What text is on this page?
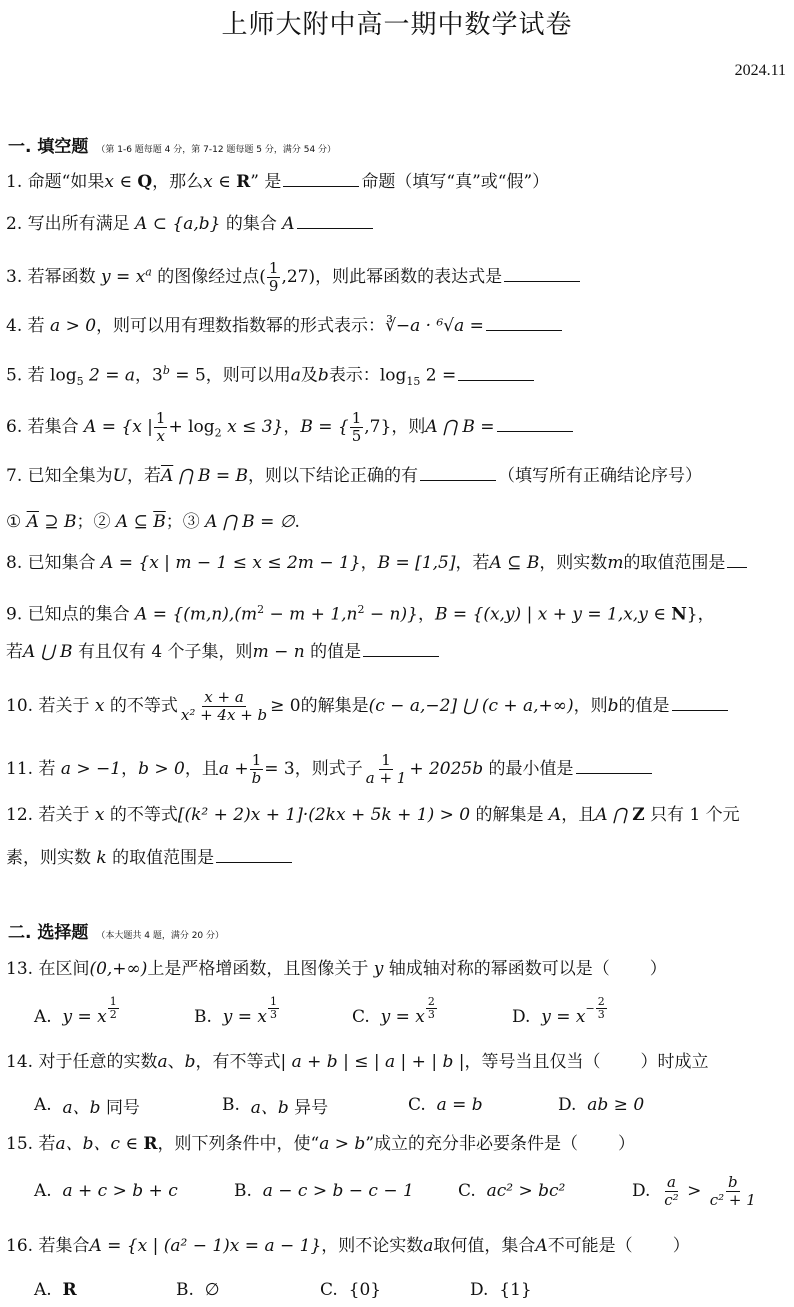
上师大附中高一期中数学试卷
2024.11
一. 填空题 （第 1-6 题每题 4 分，第 7-12 题每题 5 分，满分 54 分）
1. 命题“如果x ∈ Q，那么x ∈ R” 是	命题（填写“真”或“假”）
2. 写出所有满足 A ⊂ {a,b} 的集合 A
3. 若幂函数 $y = x^a$ 的图像经过点( $\frac{1}{9} ,27$)，则此幂函数的表达式是
4. 若 a > 0，则可以用有理数指数幂的形式表示：∛−a · ⁶√a =
5. 若 $\log_5 2 = a$，$3^b = 5$，则可以用a及b表示：$\log_{15} 2$ =
6. 若集合 A = {x | $\frac{1}{x} + \log_2 x \le 3$}，B = { $\frac{1}{5} ,7$}，则A ⋂ B =
7. 已知全集为U，若$\overline{A}$ ⋂ B = B，则以下结论正确的有	（填写所有正确结论序号）
① $\overline{A}$ ⊇ B；② A ⊆ $\overline{B}$；③ A ⋂ B = ∅.
8. 已知集合 A = {x | m − 1 ≤ x ≤ 2m − 1}，B = [1,5]，若A ⊆ B，则实数m的取值范围是
9. 已知点的集合 $A = \{(m,n),(m^2 - m + 1,n^2 - n)\}$，B = {(x,y) | x + y = 1,x,y ∈ N}，
若A ⋃ B 有且仅有 4 个子集，则m − n 的值是
10. 若关于 x 的不等式 $\frac{x + a}{\text{x² + 4x + b}} \ge 0$的解集是(c − a,−2] ⋃ (c + a,+∞)，则b的值是
11. 若 a > −1，b > 0，且$a + \frac{1}{b} = 3$，则式子 $\frac{1}{a + 1} + 2025b$ 的最小值是
12. 若关于 x 的不等式[(k² + 2)x + 1]·(2kx + 5k + 1) > 0 的解集是 A，且A ⋂ Z 只有 1 个元
素，则实数 k 的取值范围是
二. 选择题 （本大题共 4 题，满分 20 分）
13. 在区间(0,+∞)上是严格增函数，且图像关于 y 轴成轴对称的幂函数可以是（ ）
A.
y = x $\frac{1}{2}$	B.
y = x $\frac{1}{3}$	C.
y = x $\frac{2}{3}$	D.
$y = x - \frac{2}{3}$
14. 对于任意的实数a、b，有不等式| a + b | ≤ | a | + | b |，等号当且仅当（ ）时成立
A.
a、b
同号	B.
a、b
异号	C.
a = b	D.
ab ≥ 0
15. 若a、b、c ∈ R，则下列条件中，使“a > b”成立的充分非必要条件是（ ）
A.
a + c > b + c	B.
a − c > b − c − 1	C.
ac² > bc²	D.
$\frac{a}{\text{c²}}$
>
$\frac{b}{\text{c² + 1}}$
16. 若集合A = {x | (a² − 1)x = a − 1}，则不论实数a取何值，集合A不可能是（ ）
A.
R	B.
∅	C.
{0}	D.
{1}
